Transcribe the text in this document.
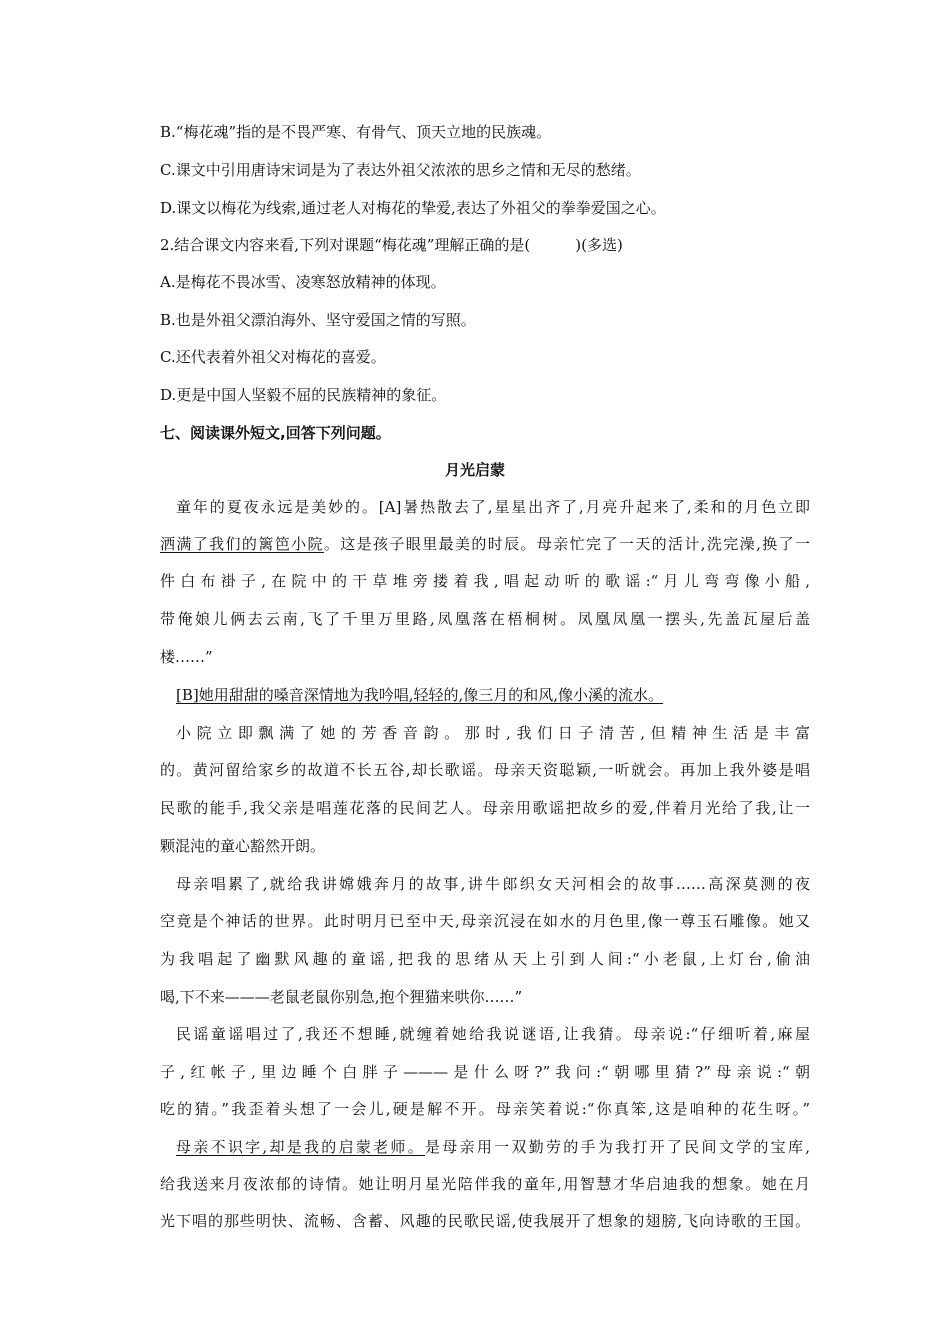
B.“梅花魂”指的是不畏严寒、有骨气、顶天立地的民族魂。
C.课文中引用唐诗宋词是为了表达外祖父浓浓的思乡之情和无尽的愁绪。
D.课文以梅花为线索,通过老人对梅花的挚爱,表达了外祖父的拳拳爱国之心。
2.结合课文内容来看,下列对课题“梅花魂”理解正确的是(　　　)(多选)
A.是梅花不畏冰雪、凌寒怒放精神的体现。
B.也是外祖父漂泊海外、坚守爱国之情的写照。
C.还代表着外祖父对梅花的喜爱。
D.更是中国人坚毅不屈的民族精神的象征。
七、阅读课外短文,回答下列问题。
月光启蒙
童年的夏夜永远是美妙的。[A]暑热散去了,星星出齐了,月亮升起来了,柔和的月色立即
洒满了我们的篱笆小院。这是孩子眼里最美的时辰。母亲忙完了一天的活计,洗完澡,换了一
件白布褂子,在院中的干草堆旁搂着我,唱起动听的歌谣:“月儿弯弯像小船,
带俺娘儿俩去云南,飞了千里万里路,凤凰落在梧桐树。凤凰凤凰一摆头,先盖瓦屋后盖
楼……”
[B]她用甜甜的嗓音深情地为我吟唱,轻轻的,像三月的和风,像小溪的流水。
小院立即飘满了她的芳香音韵。那时,我们日子清苦,但精神生活是丰富
的。黄河留给家乡的故道不长五谷,却长歌谣。母亲天资聪颖,一听就会。再加上我外婆是唱
民歌的能手,我父亲是唱莲花落的民间艺人。母亲用歌谣把故乡的爱,伴着月光给了我,让一
颗混沌的童心豁然开朗。
母亲唱累了,就给我讲嫦娥奔月的故事,讲牛郎织女天河相会的故事……高深莫测的夜
空竟是个神话的世界。此时明月已至中天,母亲沉浸在如水的月色里,像一尊玉石雕像。她又
为我唱起了幽默风趣的童谣,把我的思绪从天上引到人间:“小老鼠,上灯台,偷油
喝,下不来———老鼠老鼠你别急,抱个狸猫来哄你……”
民谣童谣唱过了,我还不想睡,就缠着她给我说谜语,让我猜。母亲说:“仔细听着,麻屋
子,红帐子,里边睡个白胖子———是什么呀?”我问:“朝哪里猜?”母亲说:“朝
吃的猜。”我歪着头想了一会儿,硬是解不开。母亲笑着说:“你真笨,这是咱种的花生呀。”
母亲不识字,却是我的启蒙老师。是母亲用一双勤劳的手为我打开了民间文学的宝库,
给我送来月夜浓郁的诗情。她让明月星光陪伴我的童年,用智慧才华启迪我的想象。她在月
光下唱的那些明快、流畅、含蓄、风趣的民歌民谣,使我展开了想象的翅膀,飞向诗歌的王国。
